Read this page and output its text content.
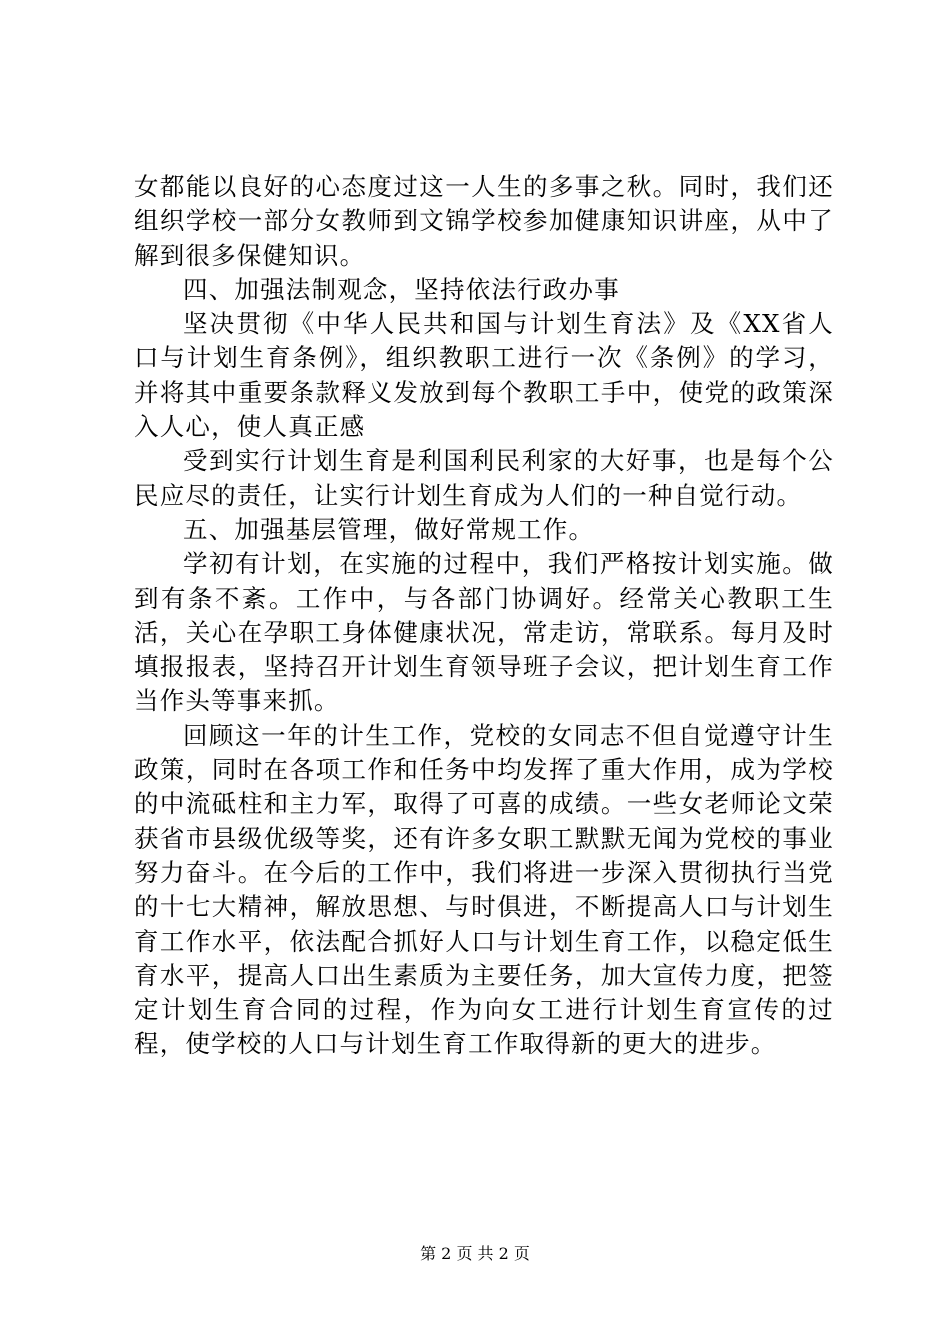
女都能以良好的心态度过这一人生的多事之秋。同时，我们还组织学校一部分女教师到文锦学校参加健康知识讲座，从中了解到很多保健知识。

四、加强法制观念，坚持依法行政办事

坚决贯彻《中华人民共和国与计划生育法》及《XX省人口与计划生育条例》，组织教职工进行一次《条例》的学习，并将其中重要条款释义发放到每个教职工手中，使党的政策深入人心，使人真正感

受到实行计划生育是利国利民利家的大好事，也是每个公民应尽的责任，让实行计划生育成为人们的一种自觉行动。

五、加强基层管理，做好常规工作。

学初有计划，在实施的过程中，我们严格按计划实施。做到有条不紊。工作中，与各部门协调好。经常关心教职工生活，关心在孕职工身体健康状况，常走访，常联系。每月及时填报报表，坚持召开计划生育领导班子会议，把计划生育工作当作头等事来抓。

回顾这一年的计生工作，党校的女同志不但自觉遵守计生政策，同时在各项工作和任务中均发挥了重大作用，成为学校的中流砥柱和主力军，取得了可喜的成绩。一些女老师论文荣获省市县级优级等奖，还有许多女职工默默无闻为党校的事业努力奋斗。在今后的工作中，我们将进一步深入贯彻执行当党的十七大精神，解放思想、与时俱进，不断提高人口与计划生育工作水平，依法配合抓好人口与计划生育工作，以稳定低生育水平，提高人口出生素质为主要任务，加大宣传力度，把签定计划生育合同的过程，作为向女工进行计划生育宣传的过程，使学校的人口与计划生育工作取得新的更大的进步。

第 2 页 共 2 页
